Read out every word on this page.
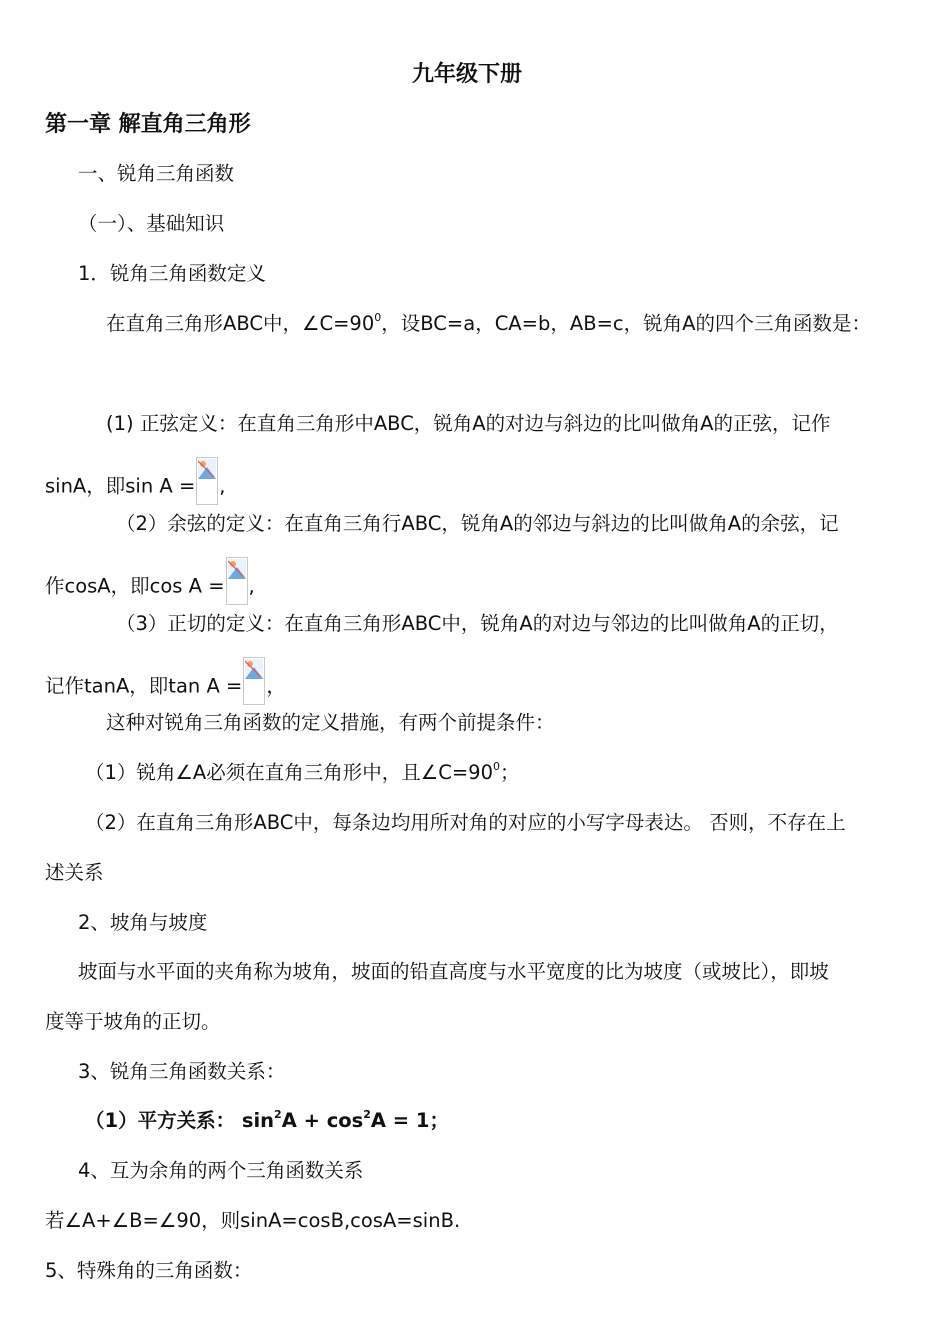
九年级下册
第一章 解直角三角形
一、锐角三角函数
（一）、基础知识
1．锐角三角函数定义
在直角三角形ABC中，$\angle C=90^0$，设BC=a，CA=b，AB=c，锐角A的四个三角函数是：
(1) 正弦定义：在直角三角形中ABC，锐角A的对边与斜边的比叫做角A的正弦，记作
sinA，即sin A = ,
（2）余弦的定义：在直角三角行ABC，锐角A的邻边与斜边的比叫做角A的余弦，记
作cosA，即cos A = ,
（3）正切的定义：在直角三角形ABC中，锐角A的对边与邻边的比叫做角A的正切，
记作tanA，即tan A = ，
这种对锐角三角函数的定义措施，有两个前提条件：
（1）锐角∠A必须在直角三角形中，且$\angle C=90^0$；
（2）在直角三角形ABC中，每条边均用所对角的对应的小写字母表达。 否则，不存在上
述关系
2、坡角与坡度
坡面与水平面的夹角称为坡角，坡面的铅直高度与水平宽度的比为坡度（或坡比），即坡
度等于坡角的正切。
3、锐角三角函数关系：
（1）平方关系： $\sin^2A + \cos^2A = 1$；
4、互为余角的两个三角函数关系
若∠A+∠B=∠90，则sinA=cosB,cosA=sinB.
5、特殊角的三角函数：
